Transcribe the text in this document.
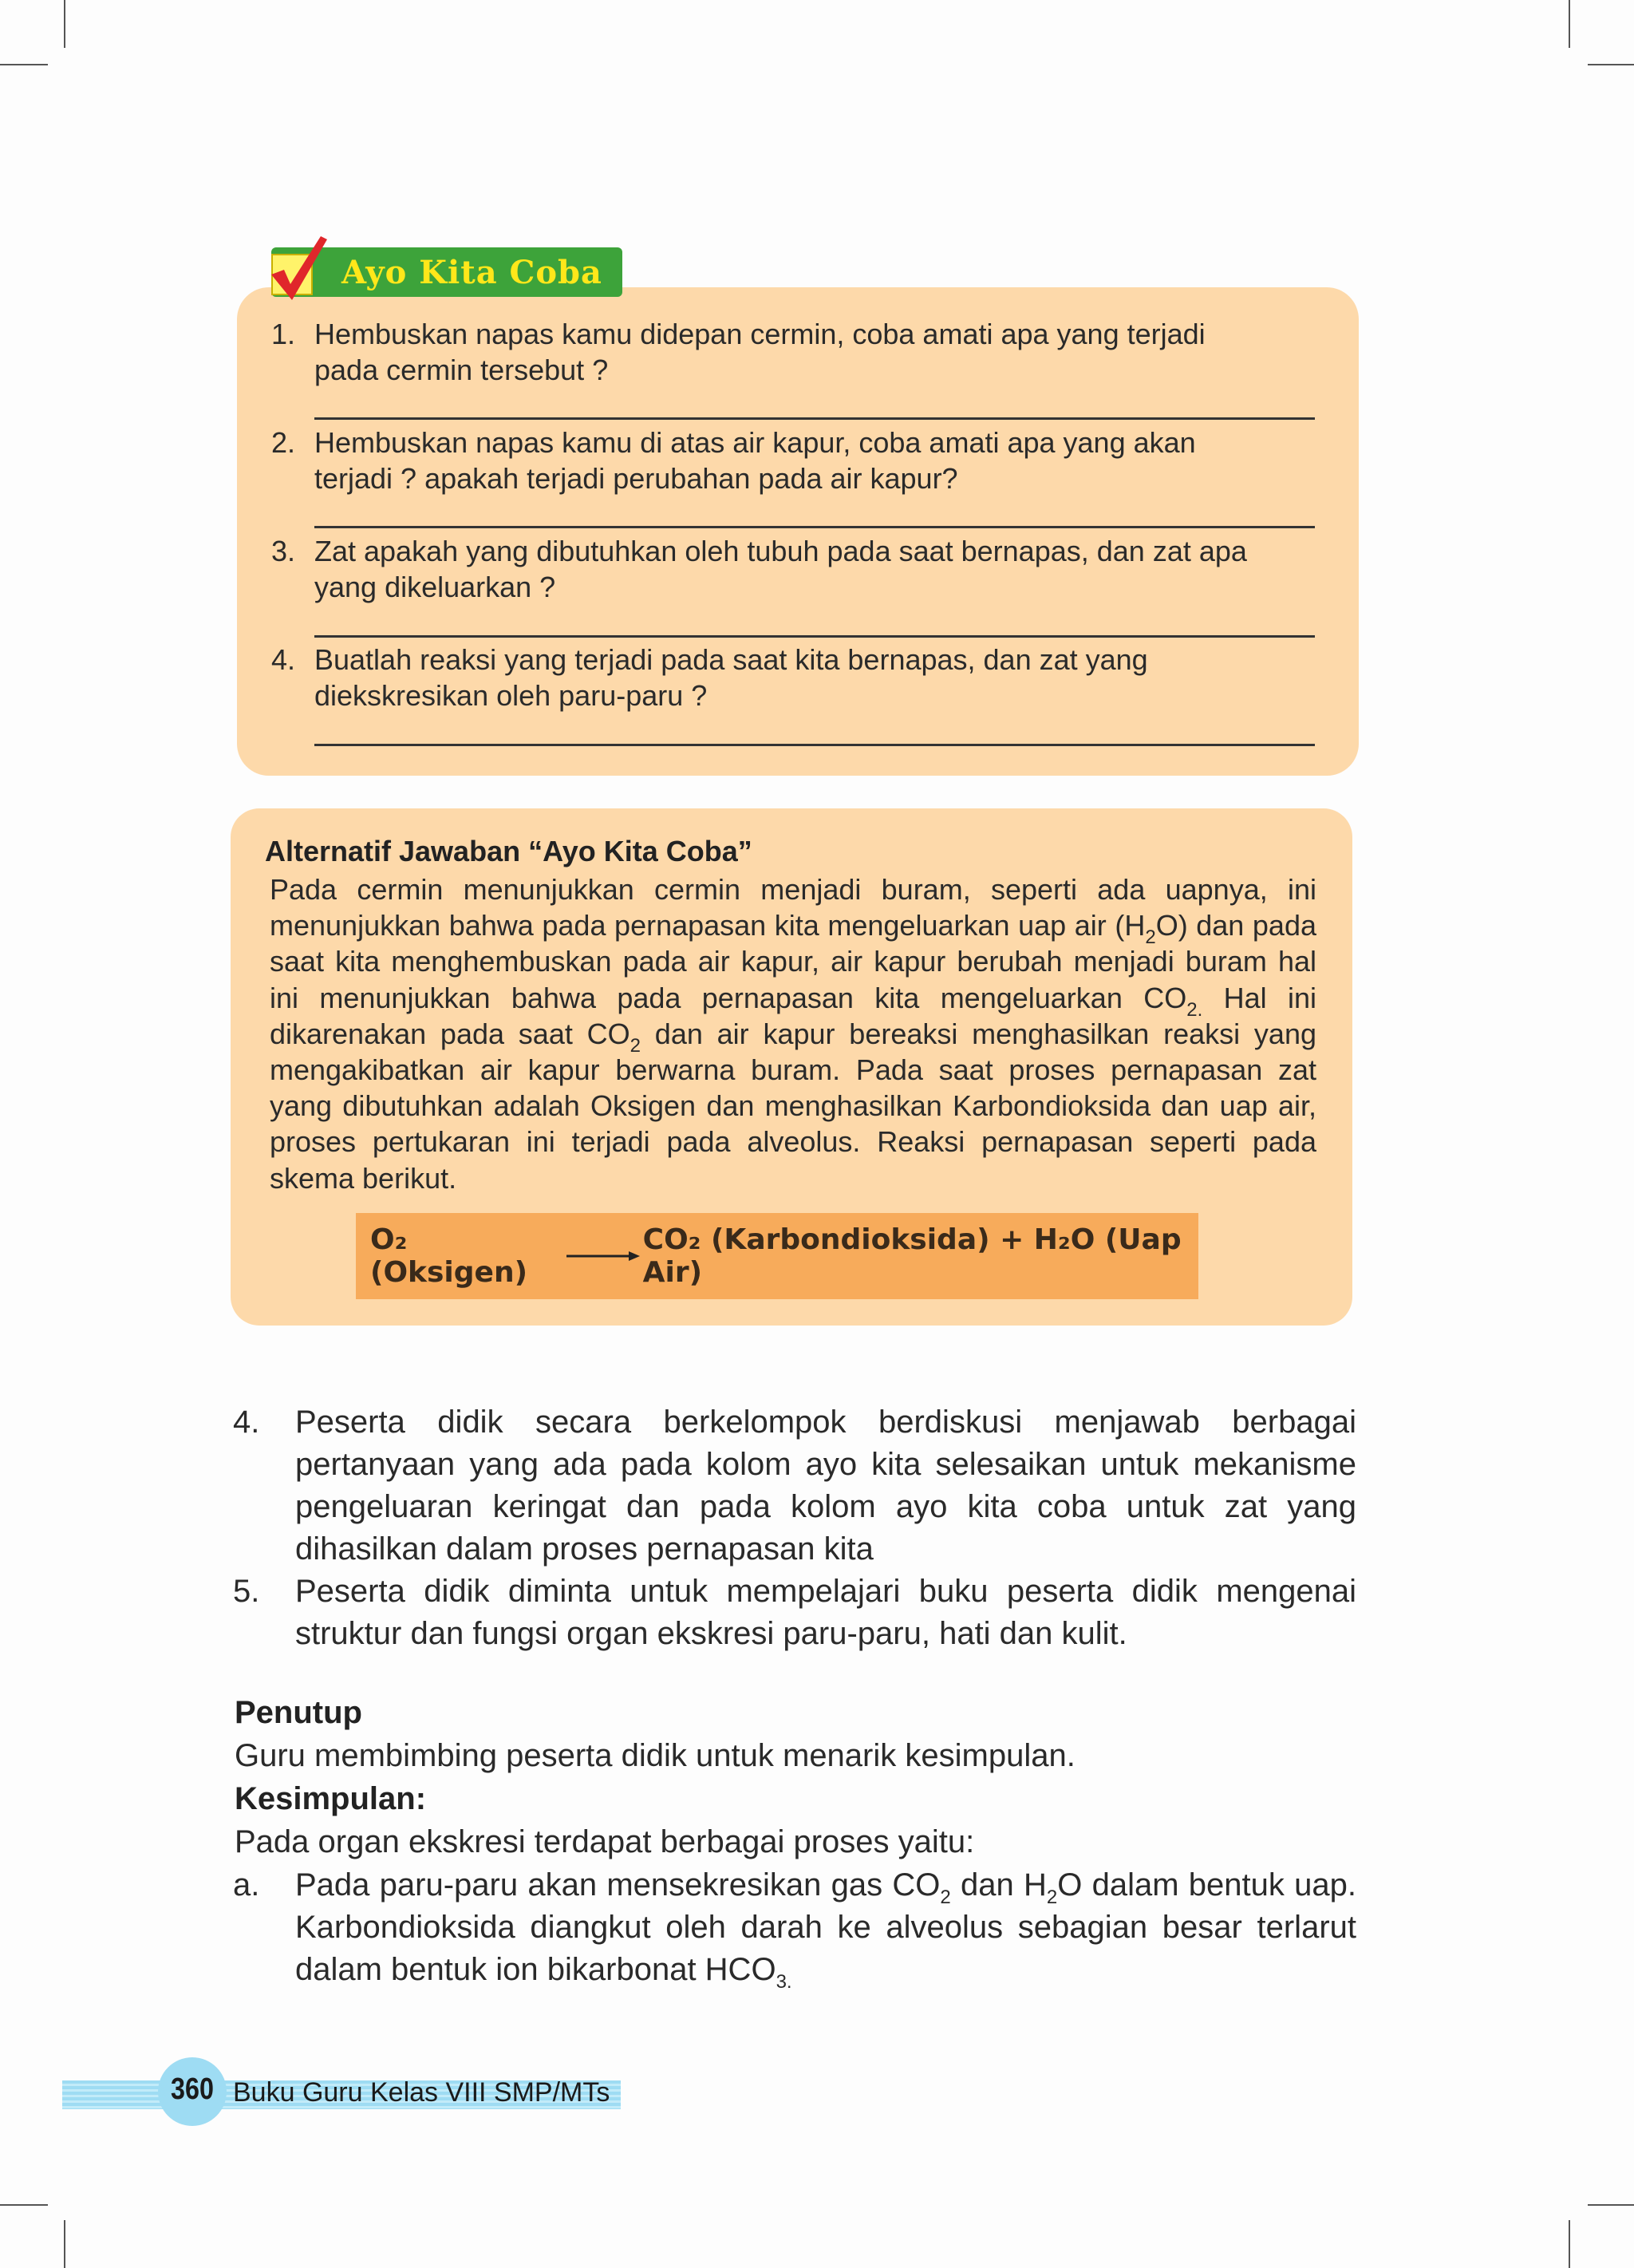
Ayo Kita Coba
1. Hembuskan napas kamu didepan cermin, coba amati apa yang terjadi
pada cermin tersebut ?
2. Hembuskan napas kamu di atas air kapur, coba amati apa yang akan
terjadi ? apakah terjadi perubahan pada air kapur?
3. Zat apakah yang dibutuhkan oleh tubuh pada saat bernapas, dan zat apa
yang dikeluarkan ?
4. Buatlah reaksi yang terjadi pada saat kita bernapas, dan zat yang
diekskresikan oleh paru-paru ?
Alternatif Jawaban “Ayo Kita Coba”
Pada cermin menunjukkan cermin menjadi buram, seperti ada uapnya, ini menunjukkan bahwa pada pernapasan kita mengeluarkan uap air $(H_2O)$ dan pada saat kita menghembuskan pada air kapur, air kapur berubah menjadi buram hal ini menunjukkan bahwa pada pernapasan kita mengeluarkan $CO_{2.}$ Hal ini dikarenakan pada saat $CO_2$ dan air kapur bereaksi menghasilkan reaksi yang mengakibatkan air kapur berwarna buram. Pada saat proses pernapasan zat yang dibutuhkan adalah Oksigen dan menghasilkan Karbondioksida dan uap air, proses pertukaran ini terjadi pada alveolus. Reaksi pernapasan seperti pada skema berikut.
O₂ (Oksigen)
CO₂ (Karbondioksida) + H₂O (Uap Air)
4.	Peserta didik secara berkelompok berdiskusi menjawab berbagai pertanyaan yang ada pada kolom ayo kita selesaikan untuk mekanisme pengeluaran keringat dan pada kolom ayo kita coba untuk zat yang dihasilkan dalam proses pernapasan kita
5.	Peserta didik diminta untuk mempelajari buku peserta didik mengenai struktur dan fungsi organ ekskresi paru-paru, hati dan kulit.
Penutup
Guru membimbing peserta didik untuk menarik kesimpulan.
Kesimpulan:
Pada organ ekskresi terdapat berbagai proses yaitu:
a.	Pada paru-paru akan mensekresikan gas $CO_2$ dan $H_2O$ dalam bentuk uap. Karbondioksida diangkut oleh darah ke alveolus sebagian besar terlarut dalam bentuk ion bikarbonat $HCO_{3.}$
360 Buku Guru Kelas VIII SMP/MTs
